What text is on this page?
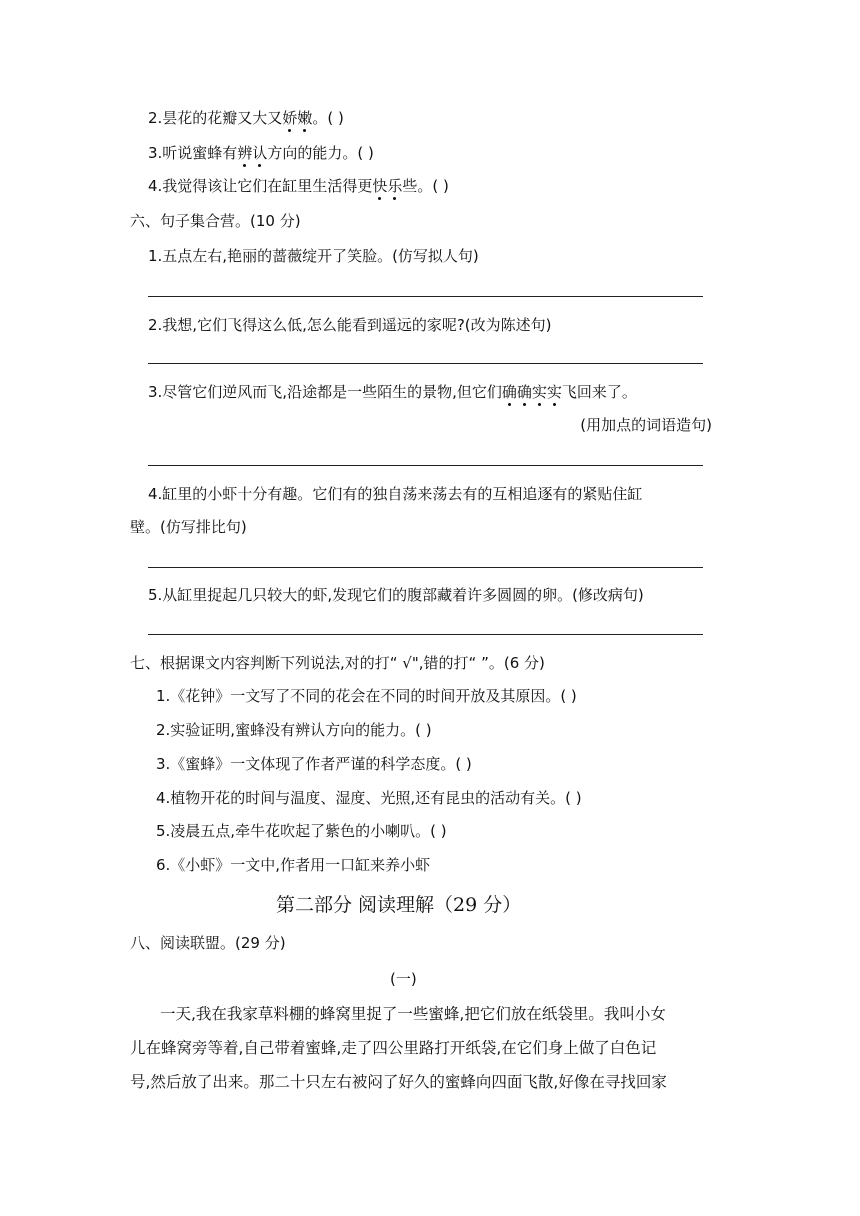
2.昙花的花瓣又大又娇嫩。( )
3.听说蜜蜂有辨认方向的能力。( )
4.我觉得该让它们在缸里生活得更快乐些。( )
六、句子集合营。(10 分)
1.五点左右,艳丽的蔷薇绽开了笑脸。(仿写拟人句)
2.我想,它们飞得这么低,怎么能看到遥远的家呢?(改为陈述句)
3.尽管它们逆风而飞,沿途都是一些陌生的景物,但它们确确实实飞回来了。
(用加点的词语造句)
4.缸里的小虾十分有趣。它们有的独自荡来荡去有的互相追逐有的紧贴住缸
壁。(仿写排比句)
5.从缸里捉起几只较大的虾,发现它们的腹部藏着许多圆圆的卵。(修改病句)
七、根据课文内容判断下列说法,对的打“ √",错的打“ ”。(6 分)
1.《花钟》一文写了不同的花会在不同的时间开放及其原因。( )
2.实验证明,蜜蜂没有辨认方向的能力。( )
3.《蜜蜂》一文体现了作者严谨的科学态度。( )
4.植物开花的时间与温度、湿度、光照,还有昆虫的活动有关。( )
5.凌晨五点,牵牛花吹起了紫色的小喇叭。( )
6.《小虾》一文中,作者用一口缸来养小虾
第二部分 阅读理解（29 分）
八、阅读联盟。(29 分)
(一)
一天,我在我家草料棚的蜂窝里捉了一些蜜蜂,把它们放在纸袋里。我叫小女
儿在蜂窝旁等着,自己带着蜜蜂,走了四公里路打开纸袋,在它们身上做了白色记
号,然后放了出来。那二十只左右被闷了好久的蜜蜂向四面飞散,好像在寻找回家
